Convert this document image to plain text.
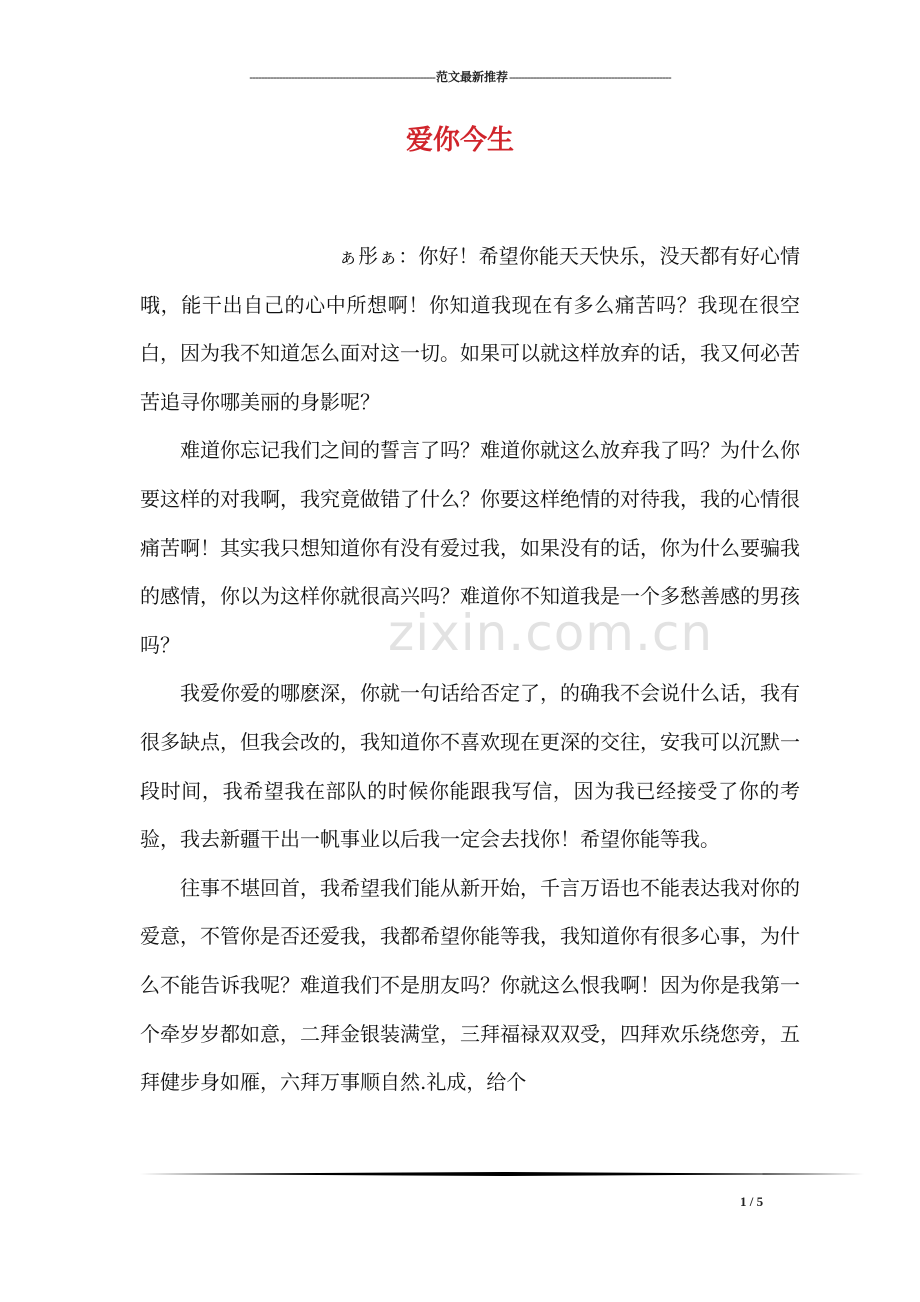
--------------------------------------------------------------范文最新推荐------------------------------------------------------
爱你今生
zixin.com.cn

ぁ彤ぁ：你好！希望你能天天快乐，没天都有好心情哦，能干出自己的心中所想啊！你知道我现在有多么痛苦吗？我现在很空白，因为我不知道怎么面对这一切。如果可以就这样放弃的话，我又何必苦苦追寻你哪美丽的身影呢？

难道你忘记我们之间的誓言了吗？难道你就这么放弃我了吗？为什么你要这样的对我啊，我究竟做错了什么？你要这样绝情的对待我，我的心情很痛苦啊！其实我只想知道你有没有爱过我，如果没有的话，你为什么要骗我的感情，你以为这样你就很高兴吗？难道你不知道我是一个多愁善感的男孩吗？

我爱你爱的哪麽深，你就一句话给否定了，的确我不会说什么话，我有很多缺点，但我会改的，我知道你不喜欢现在更深的交往，安我可以沉默一段时间，我希望我在部队的时候你能跟我写信，因为我已经接受了你的考验，我去新疆干出一帆事业以后我一定会去找你！希望你能等我。

往事不堪回首，我希望我们能从新开始，千言万语也不能表达我对你的爱意，不管你是否还爱我，我都希望你能等我，我知道你有很多心事，为什么不能告诉我呢？难道我们不是朋友吗？你就这么恨我啊！因为你是我第一个牵岁岁都如意，二拜金银装满堂，三拜福禄双双受，四拜欢乐绕您旁，五拜健步身如雁，六拜万事顺自然.礼成，给个

1 / 5
